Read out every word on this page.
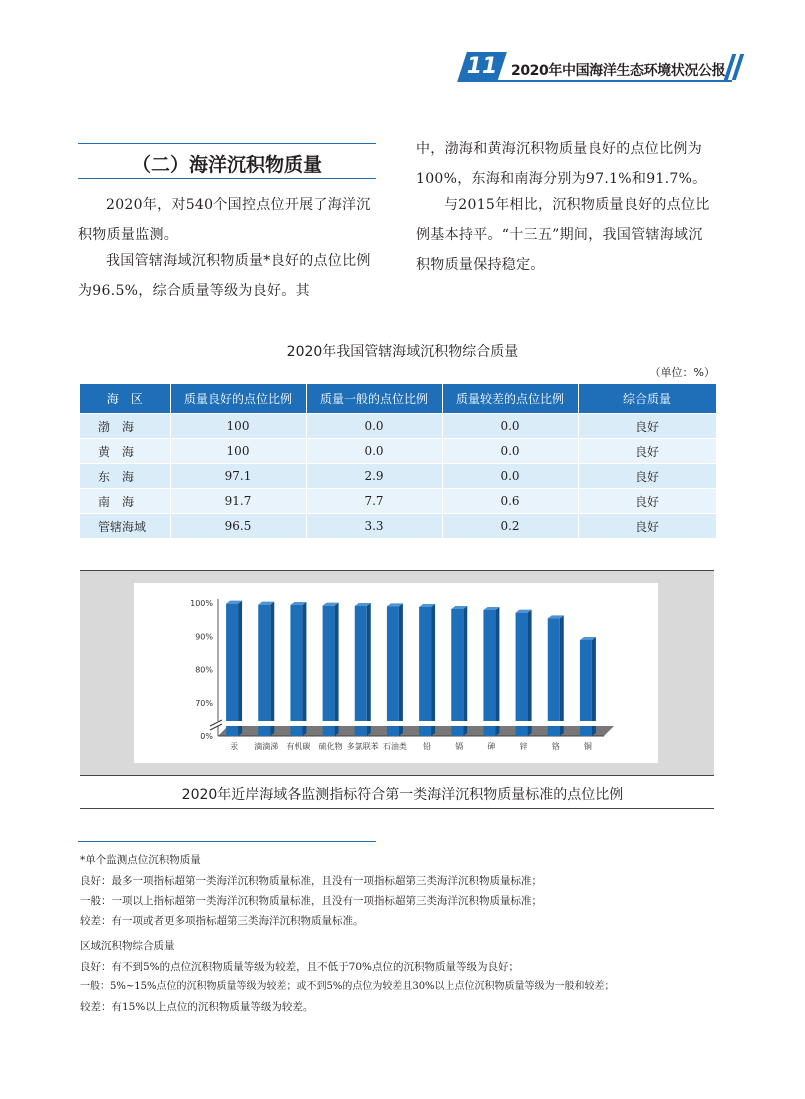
11 2020年中国海洋生态环境状况公报
（二）海洋沉积物质量

2020年，对540个国控点位开展了海洋沉积物质量监测。

我国管辖海域沉积物质量*良好的点位比例为96.5%，综合质量等级为良好。其

中，渤海和黄海沉积物质量良好的点位比例为100%，东海和南海分别为97.1%和91.7%。

与2015年相比，沉积物质量良好的点位比例基本持平。“十三五”期间，我国管辖海域沉积物质量保持稳定。

2020年我国管辖海域沉积物综合质量
（单位：%）
海　区	质量良好的点位比例	质量一般的点位比例	质量较差的点位比例	综合质量
渤　海	100	0.0	0.0	良好
黄　海	100	0.0	0.0	良好
东　海	97.1	2.9	0.0	良好
南　海	91.7	7.7	0.6	良好
管辖海域	96.5	3.3	0.2	良好
0%
70%
80%
90%
100%
汞 滴滴涕 有机碳 硫化物 多氯联苯 石油类 铅	镉	砷	锌	铬	铜
2020年近岸海域各监测指标符合第一类海洋沉积物质量标准的点位比例

*单个监测点位沉积物质量

良好：最多一项指标超第一类海洋沉积物质量标准，且没有一项指标超第三类海洋沉积物质量标准；

一般：一项以上指标超第一类海洋沉积物质量标准，且没有一项指标超第三类海洋沉积物质量标准；

较差：有一项或者更多项指标超第三类海洋沉积物质量标准。

区域沉积物综合质量

良好：有不到5%的点位沉积物质量等级为较差，且不低于70%点位的沉积物质量等级为良好；

一般：5%~15%点位的沉积物质量等级为较差；或不到5%的点位为较差且30%以上点位沉积物质量等级为一般和较差；

较差：有15%以上点位的沉积物质量等级为较差。
